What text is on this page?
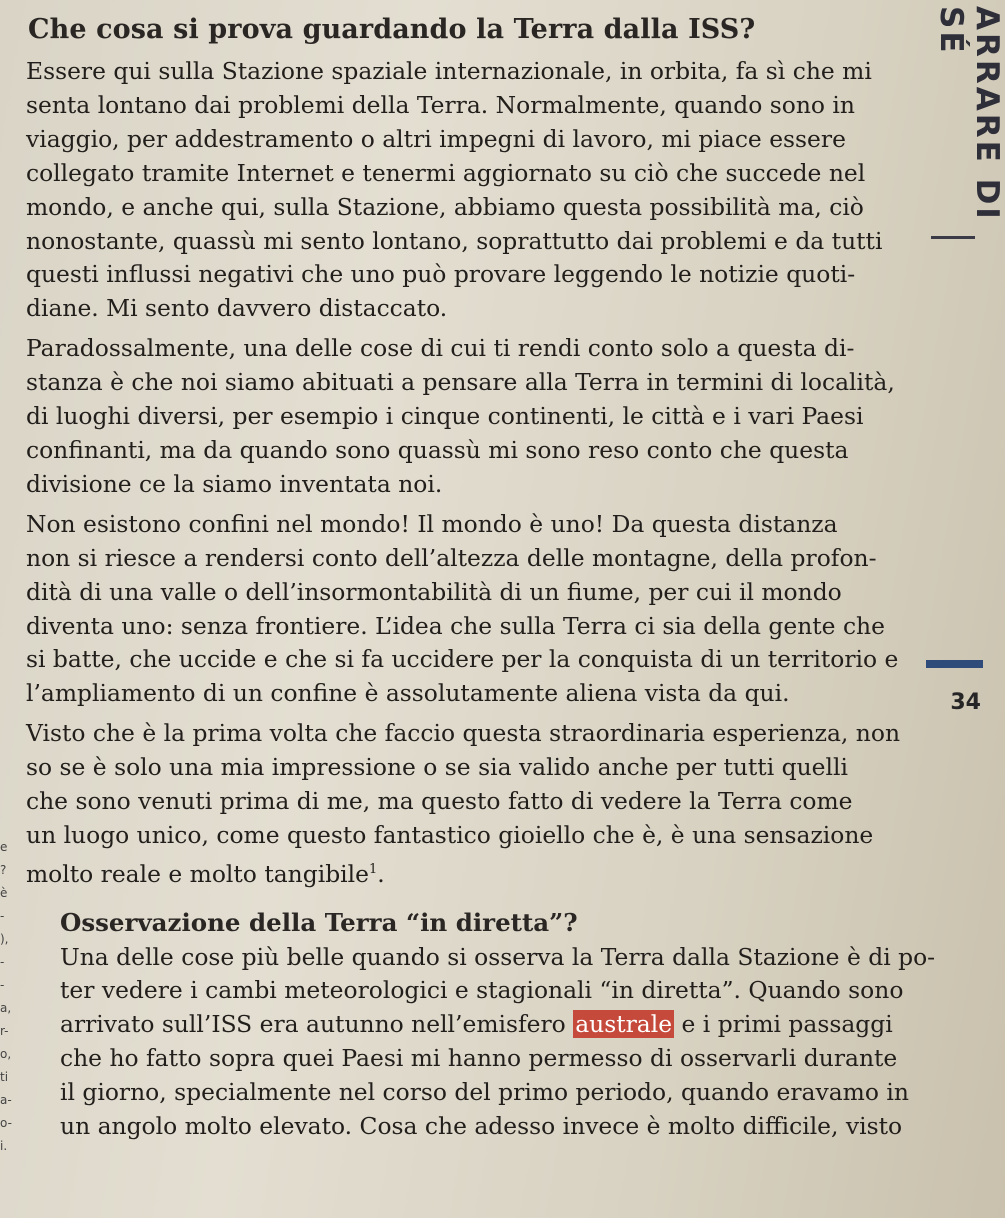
Che cosa si prova guardando la Terra dalla ISS?
Essere qui sulla Stazione spaziale internazionale, in orbita, fa sì che mi
senta lontano dai problemi della Terra. Normalmente, quando sono in
viaggio, per addestramento o altri impegni di lavoro, mi piace essere
collegato tramite Internet e tenermi aggiornato su ciò che succede nel
mondo, e anche qui, sulla Stazione, abbiamo questa possibilità ma, ciò
nonostante, quassù mi sento lontano, soprattutto dai problemi e da tutti
questi influssi negativi che uno può provare leggendo le notizie quoti-
diane. Mi sento davvero distaccato.
Paradossalmente, una delle cose di cui ti rendi conto solo a questa di-
stanza è che noi siamo abituati a pensare alla Terra in termini di località,
di luoghi diversi, per esempio i cinque continenti, le città e i vari Paesi
confinanti, ma da quando sono quassù mi sono reso conto che questa
divisione ce la siamo inventata noi.
Non esistono confini nel mondo! Il mondo è uno! Da questa distanza
non si riesce a rendersi conto dell’altezza delle montagne, della profon-
dità di una valle o dell’insormontabilità di un fiume, per cui il mondo
diventa uno: senza frontiere. L’idea che sulla Terra ci sia della gente che
si batte, che uccide e che si fa uccidere per la conquista di un territorio e
l’ampliamento di un confine è assolutamente aliena vista da qui.
Visto che è la prima volta che faccio questa straordinaria esperienza, non
so se è solo una mia impressione o se sia valido anche per tutti quelli
che sono venuti prima di me, ma questo fatto di vedere la Terra come
un luogo unico, come questo fantastico gioiello che è, è una sensazione
molto reale e molto tangibile$^1$.
Osservazione della Terra “in diretta”?
Una delle cose più belle quando si osserva la Terra dalla Stazione è di po-
ter vedere i cambi meteorologici e stagionali “in diretta”. Quando sono
arrivato sull’ISS era autunno nell’emisfero australe e i primi passaggi
che ho fatto sopra quei Paesi mi hanno permesso di osservarli durante
il giorno, specialmente nel corso del primo periodo, quando eravamo in
un angolo molto elevato. Cosa che adesso invece è molto difficile, visto
ARRARE DI SÉ
34
e
?
è
-
),
-
-
a,
r-
o,
ti
a-
o-
i.
